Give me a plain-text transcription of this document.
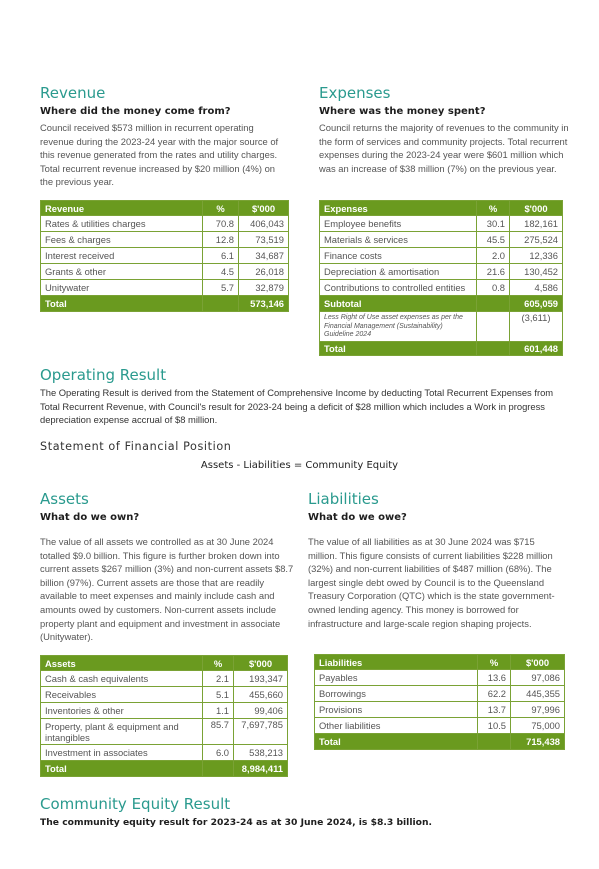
Revenue
Where did the money come from?
Council received $573 million in recurrent operating revenue during the 2023-24 year with the major source of this revenue generated from the rates and utility charges. Total recurrent revenue increased by $20 million (4%) on the previous year.
Revenue	%	$'000
Rates & utilities charges	70.8	406,043
Fees & charges	12.8	73,519
Interest received	6.1	34,687
Grants & other	4.5	26,018
Unitywater	5.7	32,879
Total		573,146
Expenses
Where was the money spent?
Council returns the majority of revenues to the community in the form of services and community projects. Total recurrent expenses during the 2023-24 year were $601 million which was an increase of $38 million (7%) on the previous year.
Expenses	%	$'000
Employee benefits	30.1	182,161
Materials & services	45.5	275,524
Finance costs	2.0	12,336
Depreciation & amortisation	21.6	130,452
Contributions to controlled entities	0.8	4,586
Subtotal		605,059
Less Right of Use asset expenses as per the Financial Management (Sustainability) Guideline 2024		(3,611)
Total		601,448
Operating Result
The Operating Result is derived from the Statement of Comprehensive Income by deducting Total Recurrent Expenses from Total Recurrent Revenue, with Council's result for 2023-24 being a deficit of $28 million which includes a Work in progress depreciation expense accrual of $8 million.
Statement of Financial Position
Assets - Liabilities = Community Equity
Assets
What do we own?
The value of all assets we controlled as at 30 June 2024 totalled $9.0 billion. This figure is further broken down into current assets $267 million (3%) and non-current assets $8.7 billion (97%). Current assets are those that are readily available to meet expenses and mainly include cash and amounts owed by customers. Non-current assets include property plant and equipment and investment in associate (Unitywater).
Assets	%	$'000
Cash & cash equivalents	2.1	193,347
Receivables	5.1	455,660
Inventories & other	1.1	99,406
Property, plant & equipment and intangibles	85.7	7,697,785
Investment in associates	6.0	538,213
Total		8,984,411
Liabilities
What do we owe?
The value of all liabilities as at 30 June 2024 was $715 million. This figure consists of current liabilities $228 million (32%) and non-current liabilities of $487 million (68%). The largest single debt owed by Council is to the Queensland Treasury Corporation (QTC) which is the state government-owned lending agency. This money is borrowed for infrastructure and large-scale region shaping projects.
Liabilities	%	$'000
Payables	13.6	97,086
Borrowings	62.2	445,355
Provisions	13.7	97,996
Other liabilities	10.5	75,000
Total		715,438
Community Equity Result
The community equity result for 2023-24 as at 30 June 2024, is $8.3 billion.
